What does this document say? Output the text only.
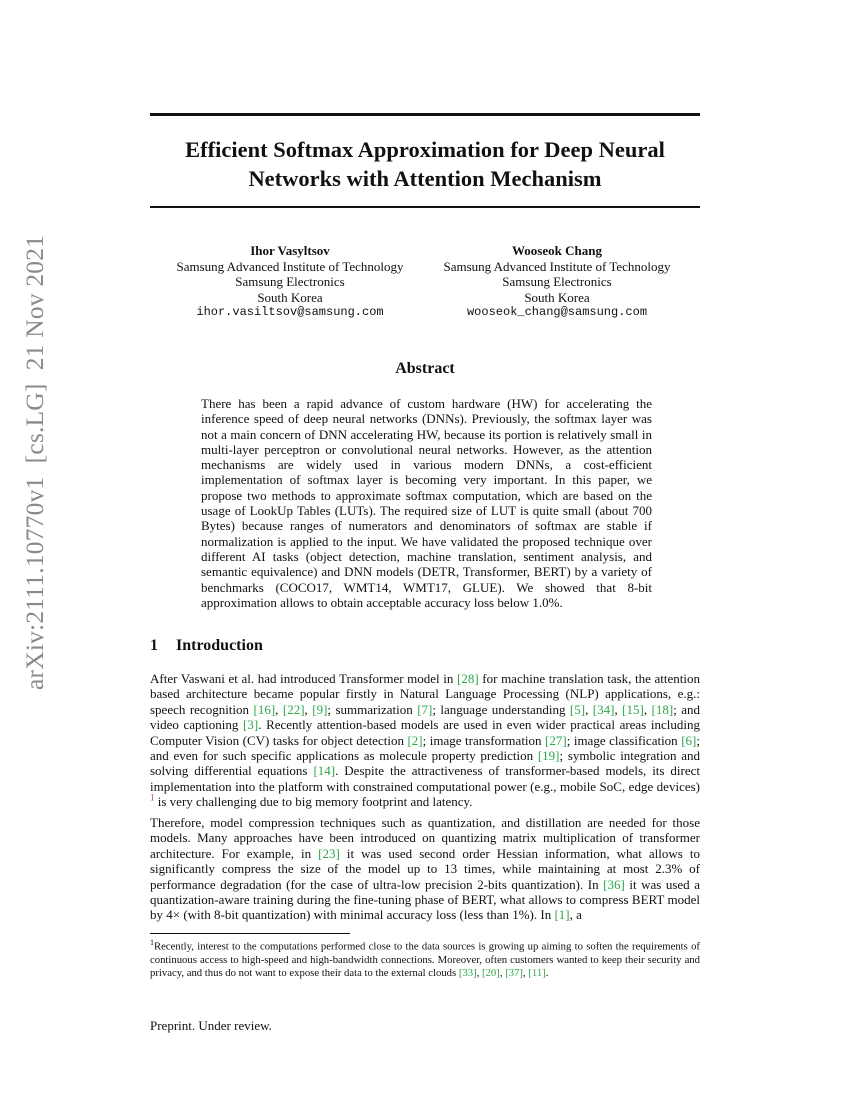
arXiv:2111.10770v1  [cs.LG]  21 Nov 2021
Efficient Softmax Approximation for Deep Neural
Networks with Attention Mechanism
Ihor Vasyltsov
Samsung Advanced Institute of Technology
Samsung Electronics
South Korea
ihor.vasiltsov@samsung.com
Wooseok Chang
Samsung Advanced Institute of Technology
Samsung Electronics
South Korea
wooseok_chang@samsung.com
Abstract
There has been a rapid advance of custom hardware (HW) for accelerating the inference speed of deep neural networks (DNNs). Previously, the softmax layer was not a main concern of DNN accelerating HW, because its portion is relatively small in multi-layer perceptron or convolutional neural networks. However, as the attention mechanisms are widely used in various modern DNNs, a cost-efficient implementation of softmax layer is becoming very important. In this paper, we propose two methods to approximate softmax computation, which are based on the usage of LookUp Tables (LUTs). The required size of LUT is quite small (about 700 Bytes) because ranges of numerators and denominators of softmax are stable if normalization is applied to the input. We have validated the proposed technique over different AI tasks (object detection, machine translation, sentiment analysis, and semantic equivalence) and DNN models (DETR, Transformer, BERT) by a variety of benchmarks (COCO17, WMT14, WMT17, GLUE). We showed that 8-bit approximation allows to obtain acceptable accuracy loss below 1.0%.
1 Introduction
After Vaswani et al. had introduced Transformer model in [28] for machine translation task, the attention based architecture became popular firstly in Natural Language Processing (NLP) applications, e.g.: speech recognition [16], [22], [9]; summarization [7]; language understanding [5], [34], [15], [18]; and video captioning [3]. Recently attention-based models are used in even wider practical areas including Computer Vision (CV) tasks for object detection [2]; image transformation [27]; image classification [6]; and even for such specific applications as molecule property prediction [19]; symbolic integration and solving differential equations [14]. Despite the attractiveness of transformer-based models, its direct implementation into the platform with constrained computational power (e.g., mobile SoC, edge devices) $^1$ is very challenging due to big memory footprint and latency.
Therefore, model compression techniques such as quantization, and distillation are needed for those models. Many approaches have been introduced on quantizing matrix multiplication of transformer architecture. For example, in [23] it was used second order Hessian information, what allows to significantly compress the size of the model up to 13 times, while maintaining at most 2.3% of performance degradation (for the case of ultra-low precision 2-bits quantization). In [36] it was used a quantization-aware training during the fine-tuning phase of BERT, what allows to compress BERT model by 4× (with 8-bit quantization) with minimal accuracy loss (less than 1%). In [1], a
$^1$Recently, interest to the computations performed close to the data sources is growing up aiming to soften the requirements of continuous access to high-speed and high-bandwidth connections. Moreover, often customers wanted to keep their security and privacy, and thus do not want to expose their data to the external clouds [33], [20], [37], [11].
Preprint. Under review.
